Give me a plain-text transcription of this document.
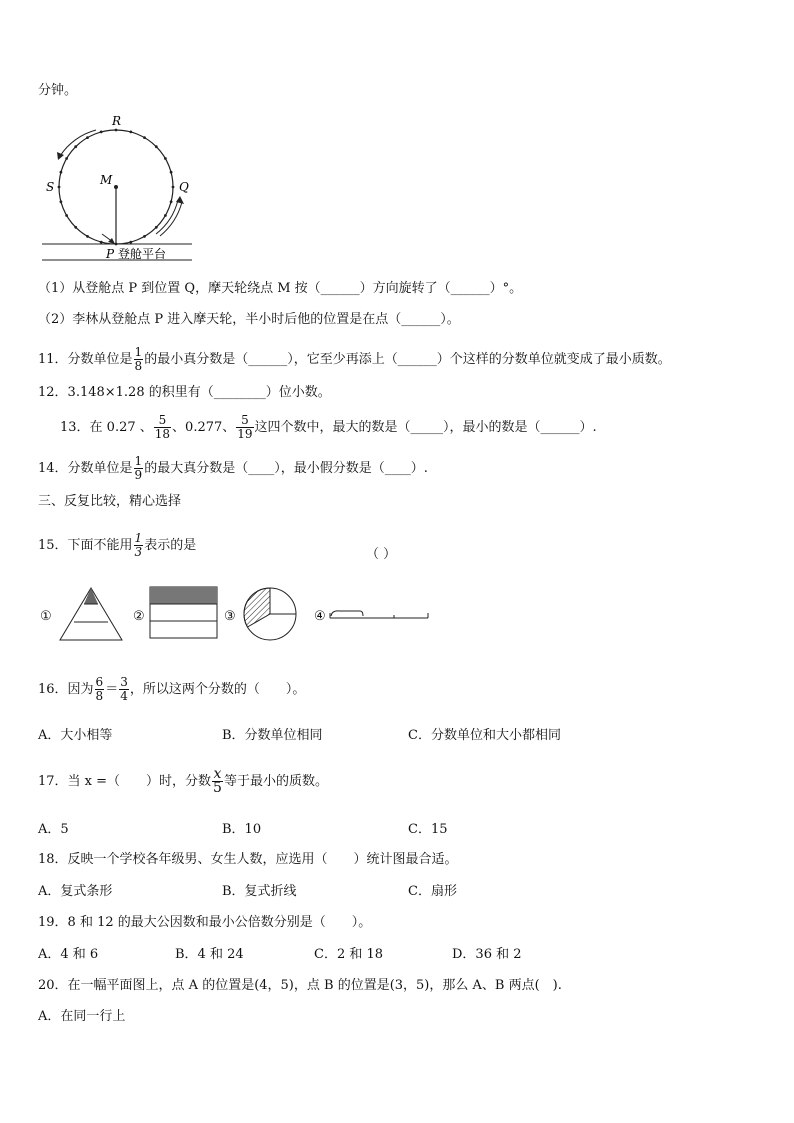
分钟。
R
M
S	Q
P 登舱平台
（1）从登舱点 P 到位置 Q，摩天轮绕点 M 按（______）方向旋转了（______）°。
（2）李林从登舱点 P 进入摩天轮，半小时后他的位置是在点（______）。
11．分数单位是 $\frac{1}{8}$ 的最小真分数是（______），它至少再添上（______）个这样的分数单位就变成了最小质数。
12．3.148×1.28 的积里有（________）位小数。
13．在 0.27 、 $\frac{5}{18}$ 、0.277、 $\frac{5}{19}$ 这四个数中，最大的数是（_____），最小的数是（______）.
14．分数单位是 $\frac{1}{9}$ 的最大真分数是（____），最小假分数是（____）.
三、反复比较，精心选择
15．下面不能用 $\frac{1}{3}$ 表示的是
（ ）
①	②	③	④
16．因为 $\frac{6}{8} = \frac{3}{4}$ ，所以这两个分数的（　　）。
A．大小相等	B．分数单位相同	C．分数单位和大小都相同
17．当 x =（　　）时，分数 $\frac{x}{5}$ 等于最小的质数。
A．5	B．10	C．15
18．反映一个学校各年级男、女生人数，应选用（　　）统计图最合适。
A．复式条形	B．复式折线	C．扇形
19．8 和 12 的最大公因数和最小公倍数分别是（　　）。
A．4 和 6	B．4 和 24	C．2 和 18	D．36 和 2
20．在一幅平面图上，点 A 的位置是(4，5)，点 B 的位置是(3，5)，那么 A、B 两点(　).
A．在同一行上
